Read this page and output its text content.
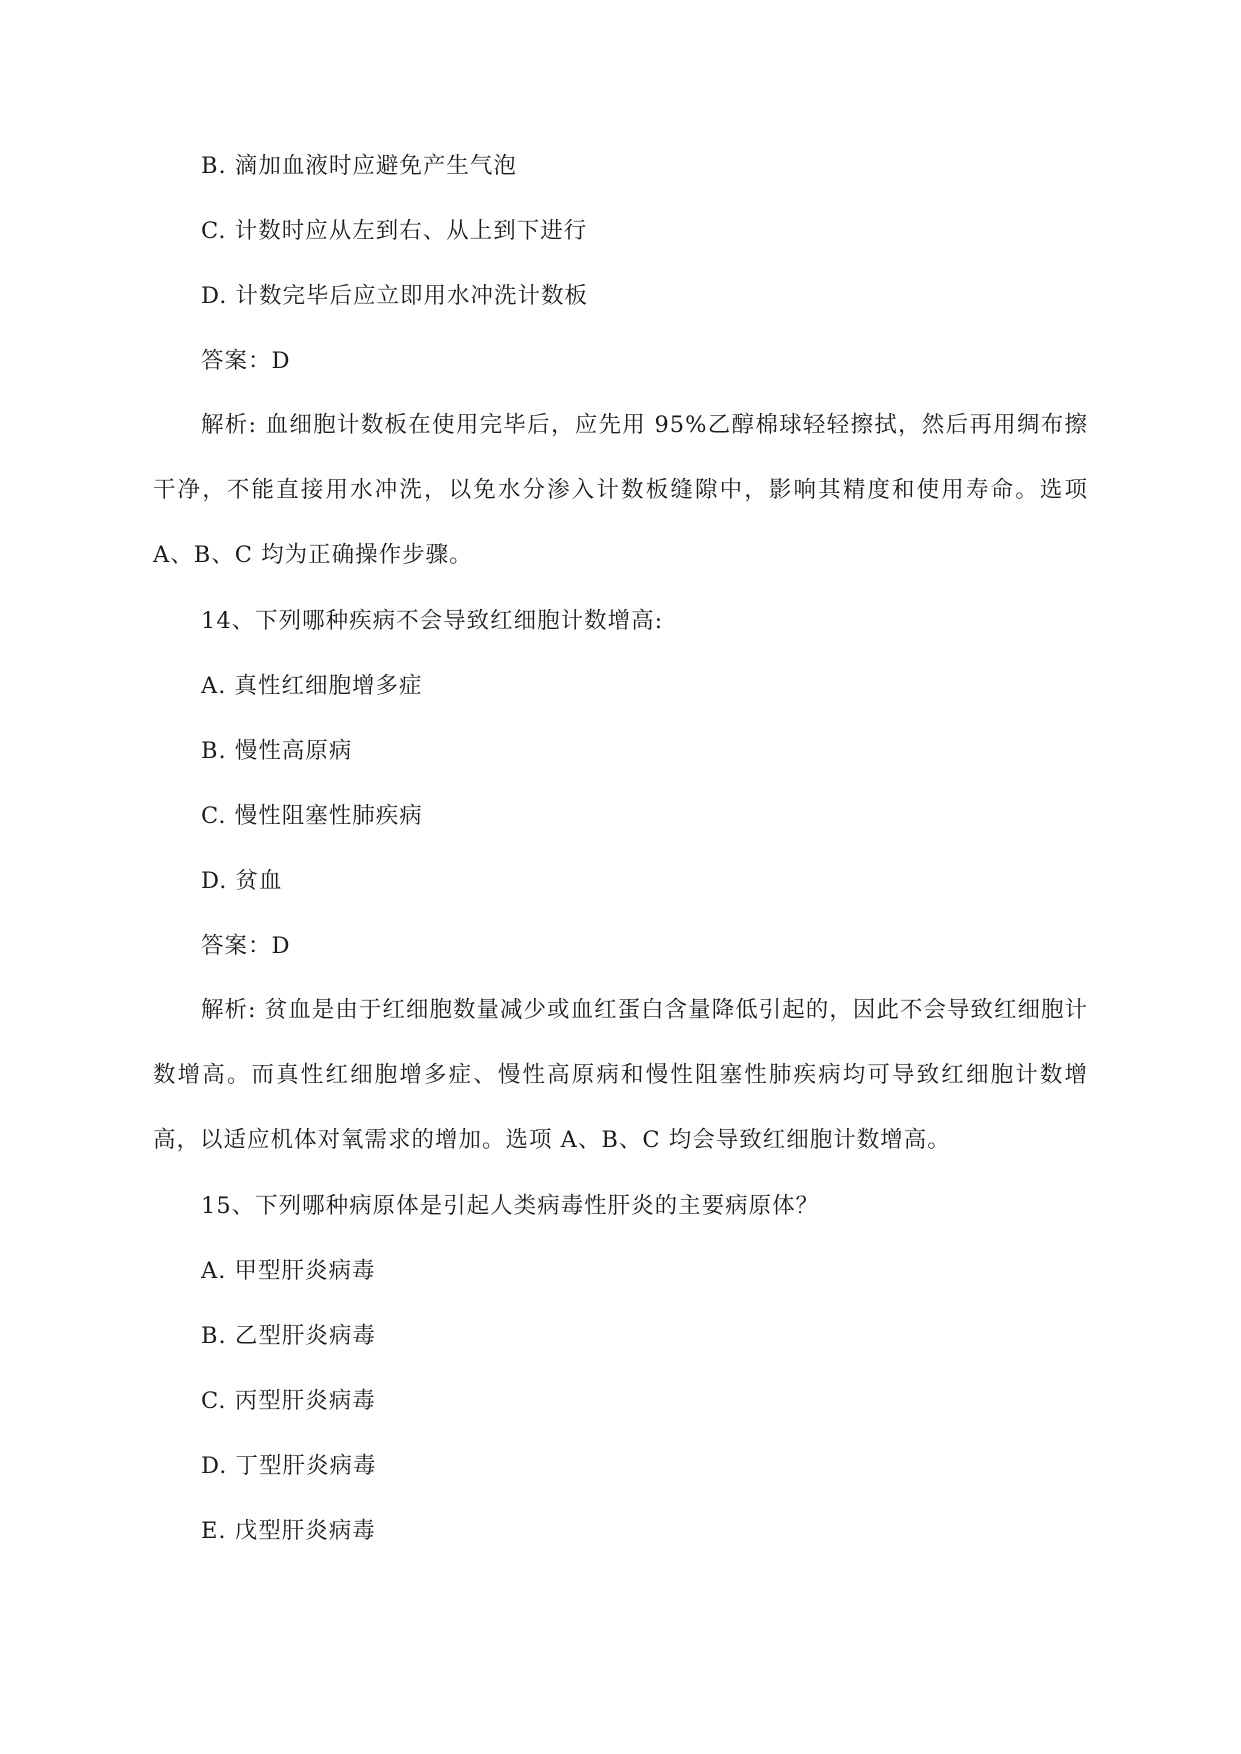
B. 滴加血液时应避免产生气泡
C. 计数时应从左到右、从上到下进行
D. 计数完毕后应立即用水冲洗计数板
答案：D
解析: 血细胞计数板在使用完毕后，应先用 95%乙醇棉球轻轻擦拭，然后再用绸布擦干净，不能直接用水冲洗，以免水分渗入计数板缝隙中，影响其精度和使用寿命。选项 A、B、C 均为正确操作步骤。
14、下列哪种疾病不会导致红细胞计数增高:
A. 真性红细胞增多症
B. 慢性高原病
C. 慢性阻塞性肺疾病
D. 贫血
答案：D
解析: 贫血是由于红细胞数量减少或血红蛋白含量降低引起的，因此不会导致红细胞计数增高。而真性红细胞增多症、慢性高原病和慢性阻塞性肺疾病均可导致红细胞计数增高，以适应机体对氧需求的增加。选项 A、B、C 均会导致红细胞计数增高。
15、下列哪种病原体是引起人类病毒性肝炎的主要病原体？
A. 甲型肝炎病毒
B. 乙型肝炎病毒
C. 丙型肝炎病毒
D. 丁型肝炎病毒
E. 戊型肝炎病毒
